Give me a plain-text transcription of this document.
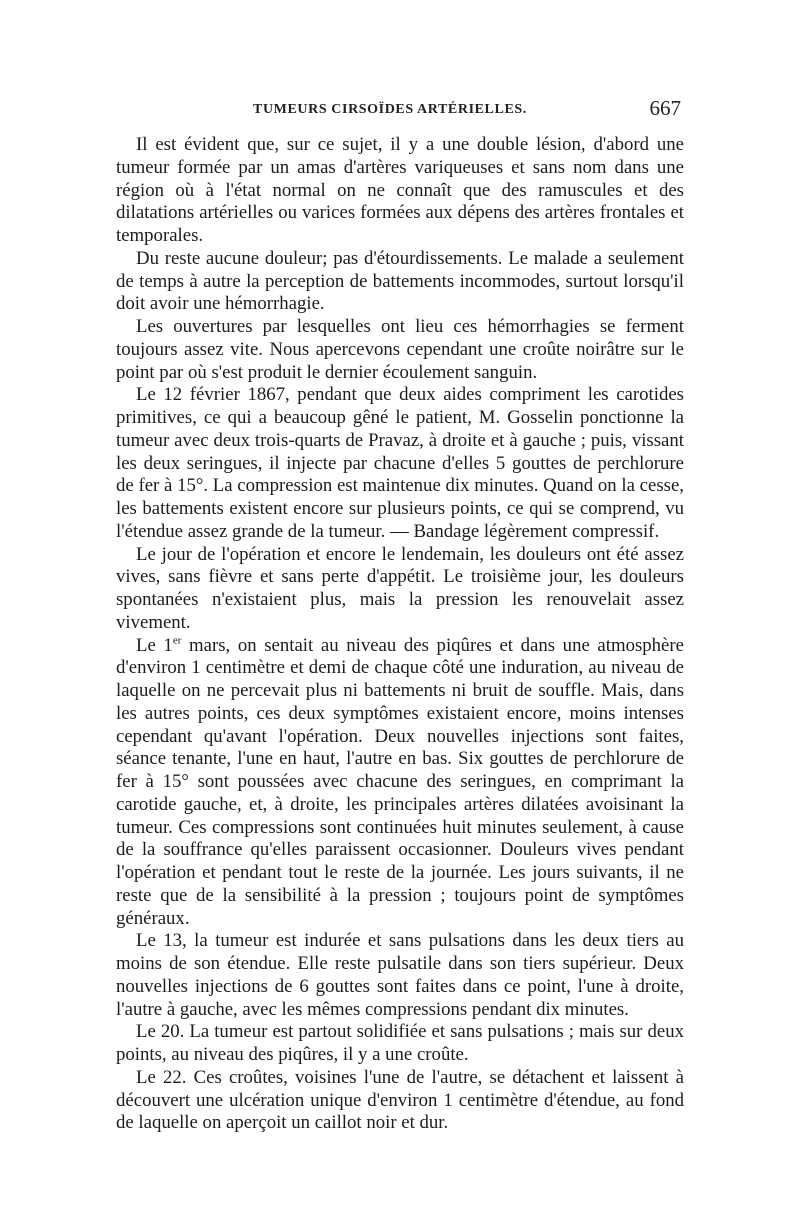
TUMEURS CIRSOÏDES ARTÉRIELLES.	667

Il est évident que, sur ce sujet, il y a une double lésion, d'abord une tumeur formée par un amas d'artères variqueuses et sans nom dans une région où à l'état normal on ne connaît que des ramuscules et des dilatations artérielles ou varices formées aux dépens des artères frontales et temporales.

Du reste aucune douleur; pas d'étourdissements. Le malade a seulement de temps à autre la perception de battements incommodes, surtout lorsqu'il doit avoir une hémorrhagie.

Les ouvertures par lesquelles ont lieu ces hémorrhagies se ferment toujours assez vite. Nous apercevons cependant une croûte noirâtre sur le point par où s'est produit le dernier écoulement sanguin.

Le 12 février 1867, pendant que deux aides compriment les carotides primitives, ce qui a beaucoup gêné le patient, M. Gosselin ponctionne la tumeur avec deux trois-quarts de Pravaz, à droite et à gauche ; puis, vissant les deux seringues, il injecte par chacune d'elles 5 gouttes de perchlorure de fer à 15°. La compression est maintenue dix minutes. Quand on la cesse, les battements existent encore sur plusieurs points, ce qui se comprend, vu l'étendue assez grande de la tumeur. — Bandage légèrement compressif.

Le jour de l'opération et encore le lendemain, les douleurs ont été assez vives, sans fièvre et sans perte d'appétit. Le troisième jour, les douleurs spontanées n'existaient plus, mais la pression les renouvelait assez vivement.

Le 1er mars, on sentait au niveau des piqûres et dans une atmosphère d'environ 1 centimètre et demi de chaque côté une induration, au niveau de laquelle on ne percevait plus ni battements ni bruit de souffle. Mais, dans les autres points, ces deux symptômes existaient encore, moins intenses cependant qu'avant l'opération. Deux nouvelles injections sont faites, séance tenante, l'une en haut, l'autre en bas. Six gouttes de perchlorure de fer à 15° sont poussées avec chacune des seringues, en comprimant la carotide gauche, et, à droite, les principales artères dilatées avoisinant la tumeur. Ces compressions sont continuées huit minutes seulement, à cause de la souffrance qu'elles paraissent occasionner. Douleurs vives pendant l'opération et pendant tout le reste de la journée. Les jours suivants, il ne reste que de la sensibilité à la pression ; toujours point de symptômes généraux.

Le 13, la tumeur est indurée et sans pulsations dans les deux tiers au moins de son étendue. Elle reste pulsatile dans son tiers supérieur. Deux nouvelles injections de 6 gouttes sont faites dans ce point, l'une à droite, l'autre à gauche, avec les mêmes compressions pendant dix minutes.

Le 20. La tumeur est partout solidifiée et sans pulsations ; mais sur deux points, au niveau des piqûres, il y a une croûte.

Le 22. Ces croûtes, voisines l'une de l'autre, se détachent et laissent à découvert une ulcération unique d'environ 1 centimètre d'étendue, au fond de laquelle on aperçoit un caillot noir et dur.
